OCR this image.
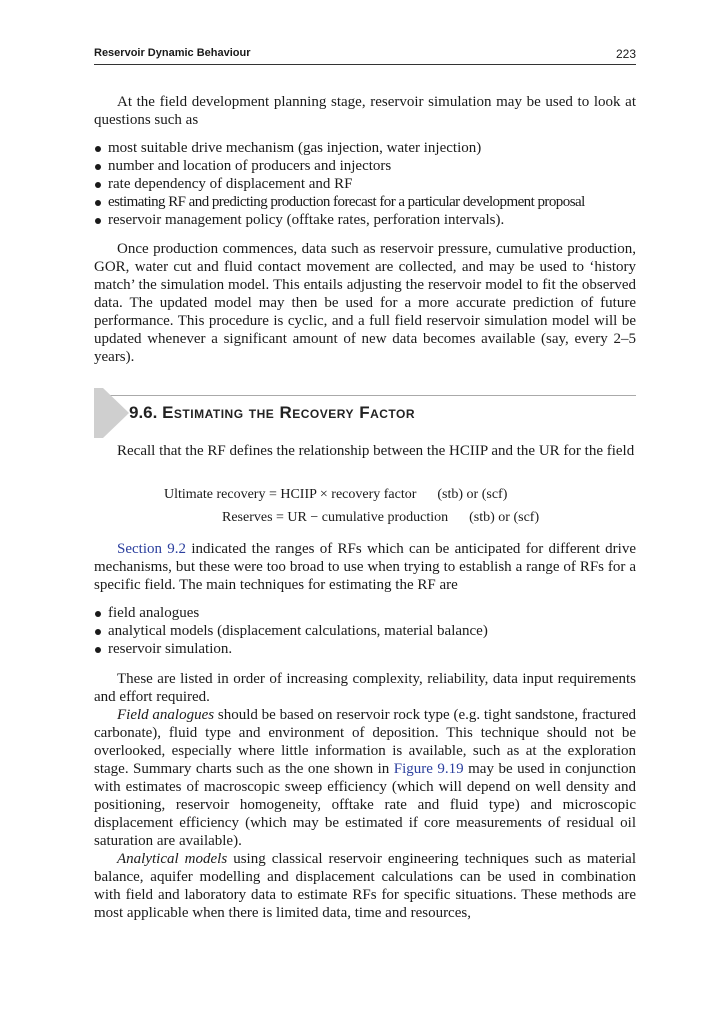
Reservoir Dynamic Behaviour	223

At the field development planning stage, reservoir simulation may be used to look at questions such as

most suitable drive mechanism (gas injection, water injection)
number and location of producers and injectors
rate dependency of displacement and RF
estimating RF and predicting production forecast for a particular development proposal
reservoir management policy (offtake rates, perforation intervals).

Once production commences, data such as reservoir pressure, cumulative production, GOR, water cut and fluid contact movement are collected, and may be used to ‘history match’ the simulation model. This entails adjusting the reservoir model to fit the observed data. The updated model may then be used for a more accurate prediction of future performance. This procedure is cyclic, and a full field reservoir simulation model will be updated whenever a significant amount of new data becomes available (say, every 2–5 years).

9.6. Estimating the Recovery Factor

Recall that the RF defines the relationship between the HCIIP and the UR for the field

Ultimate recovery = HCIIP × recovery factor (stb) or (scf)
Reserves = UR − cumulative production (stb) or (scf)

Section 9.2 indicated the ranges of RFs which can be anticipated for different drive mechanisms, but these were too broad to use when trying to establish a range of RFs for a specific field. The main techniques for estimating the RF are

field analogues
analytical models (displacement calculations, material balance)
reservoir simulation.

These are listed in order of increasing complexity, reliability, data input requirements and effort required.

Field analogues should be based on reservoir rock type (e.g. tight sandstone, fractured carbonate), fluid type and environment of deposition. This technique should not be overlooked, especially where little information is available, such as at the exploration stage. Summary charts such as the one shown in Figure 9.19 may be used in conjunction with estimates of macroscopic sweep efficiency (which will depend on well density and positioning, reservoir homogeneity, offtake rate and fluid type) and microscopic displacement efficiency (which may be estimated if core measurements of residual oil saturation are available).

Analytical models using classical reservoir engineering techniques such as material balance, aquifer modelling and displacement calculations can be used in combination with field and laboratory data to estimate RFs for specific situations. These methods are most applicable when there is limited data, time and resources,
